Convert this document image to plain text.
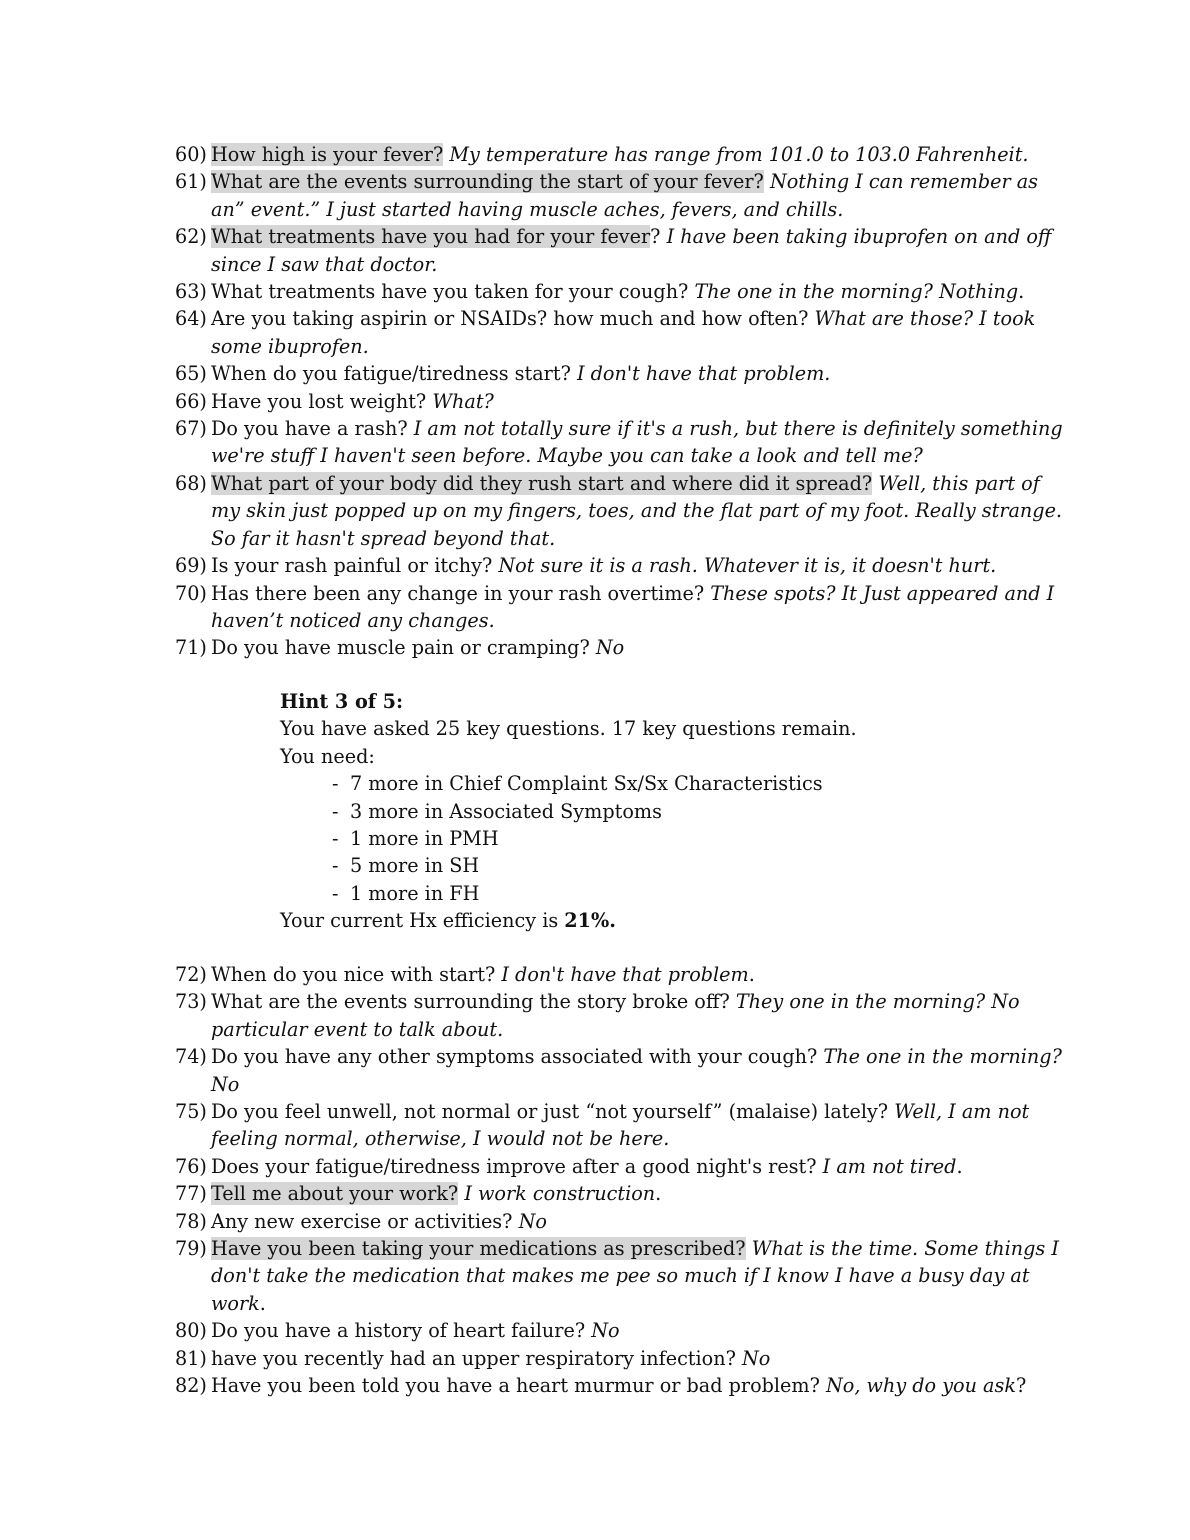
60) How high is your fever? My temperature has range from 101.0 to 103.0 Fahrenheit.
61) What are the events surrounding the start of your fever? Nothing I can remember as an” event.” I just started having muscle aches, fevers, and chills.
62) What treatments have you had for your fever? I have been taking ibuprofen on and off since I saw that doctor.
63) What treatments have you taken for your cough? The one in the morning? Nothing.
64) Are you taking aspirin or NSAIDs? how much and how often? What are those? I took some ibuprofen.
65) When do you fatigue/tiredness start? I don't have that problem.
66) Have you lost weight? What?
67) Do you have a rash? I am not totally sure if it's a rush, but there is definitely something we're stuff I haven't seen before. Maybe you can take a look and tell me?
68) What part of your body did they rush start and where did it spread? Well, this part of my skin just popped up on my fingers, toes, and the flat part of my foot. Really strange. So far it hasn't spread beyond that.
69) Is your rash painful or itchy? Not sure it is a rash. Whatever it is, it doesn't hurt.
70) Has there been any change in your rash overtime? These spots? It Just appeared and I haven’t noticed any changes.
71) Do you have muscle pain or cramping? No
Hint 3 of 5:
You have asked 25 key questions. 17 key questions remain.
You need:
- 7 more in Chief Complaint Sx/Sx Characteristics
- 3 more in Associated Symptoms
- 1 more in PMH
- 5 more in SH
- 1 more in FH
Your current Hx efficiency is 21%.
72) When do you nice with start? I don't have that problem.
73) What are the events surrounding the story broke off? They one in the morning? No particular event to talk about.
74) Do you have any other symptoms associated with your cough? The one in the morning? No
75) Do you feel unwell, not normal or just “not yourself” (malaise) lately? Well, I am not feeling normal, otherwise, I would not be here.
76) Does your fatigue/tiredness improve after a good night's rest? I am not tired.
77) Tell me about your work? I work construction.
78) Any new exercise or activities? No
79) Have you been taking your medications as prescribed? What is the time. Some things I don't take the medication that makes me pee so much if I know I have a busy day at work.
80) Do you have a history of heart failure? No
81) have you recently had an upper respiratory infection? No
82) Have you been told you have a heart murmur or bad problem? No, why do you ask?
